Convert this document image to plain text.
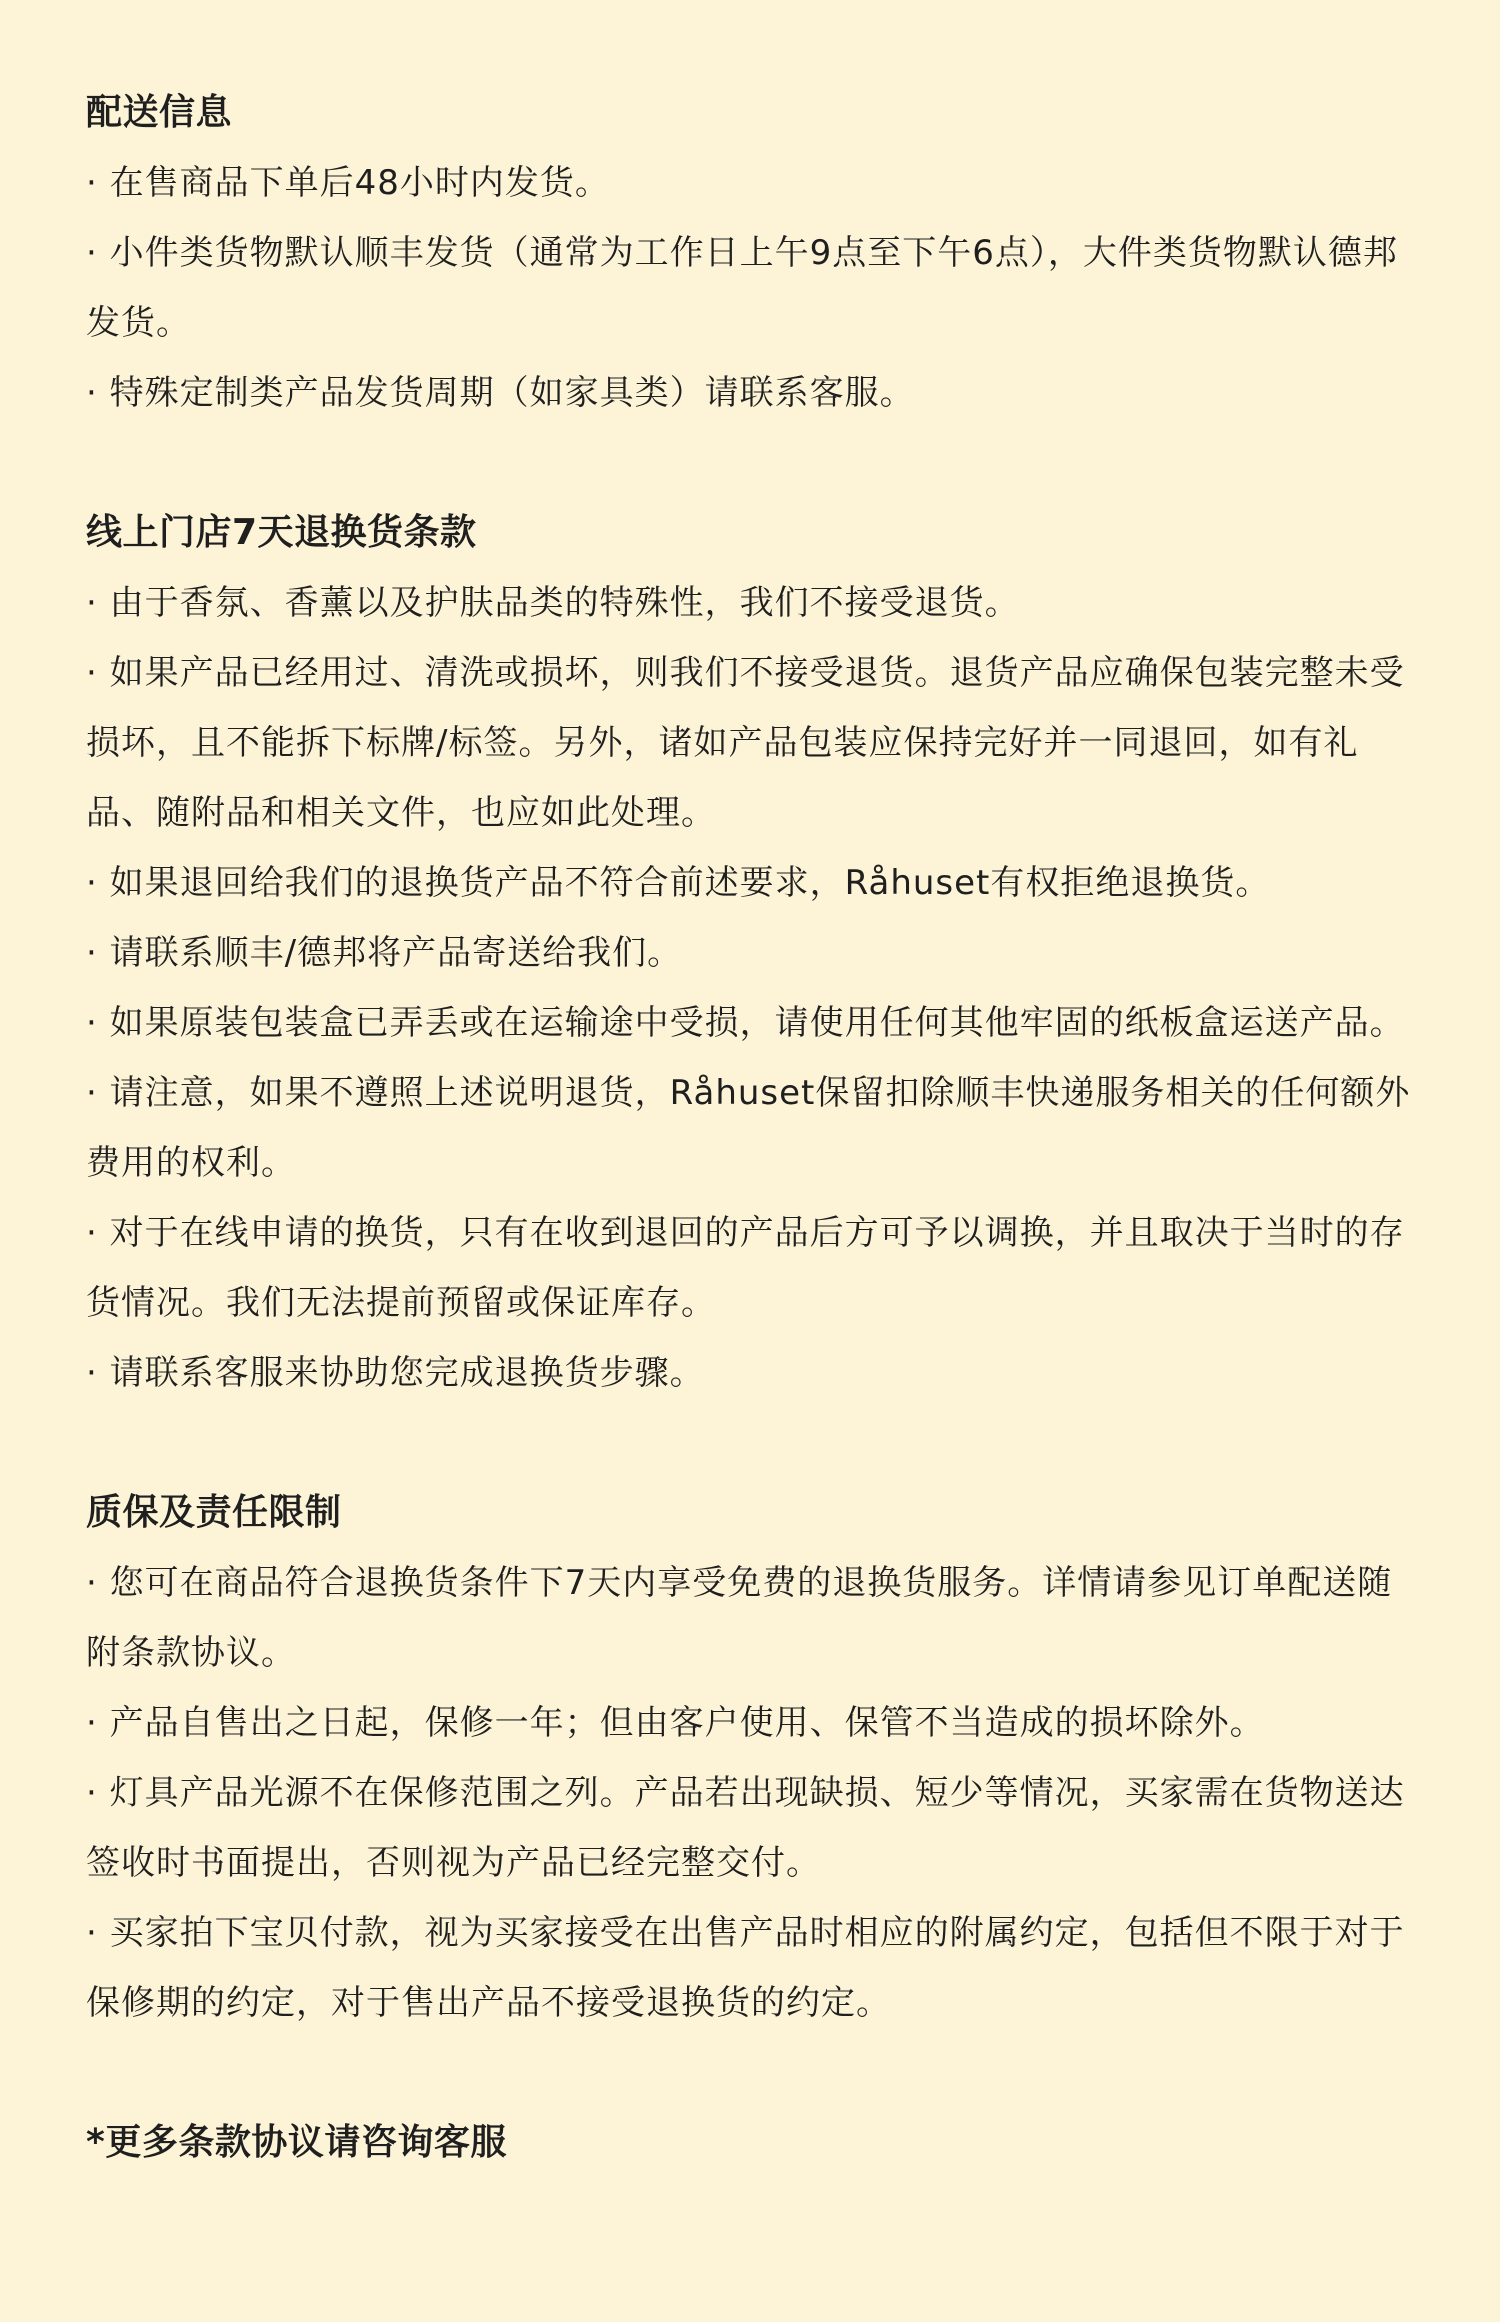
配送信息

· 在售商品下单后48小时内发货。

· 小件类货物默认顺丰发货（通常为工作日上午9点至下午6点），大件类货物默认德邦发货。

· 特殊定制类产品发货周期（如家具类）请联系客服。

线上门店7天退换货条款

· 由于香氛、香薰以及护肤品类的特殊性，我们不接受退货。

· 如果产品已经用过、清洗或损坏，则我们不接受退货。退货产品应确保包装完整未受损坏，且不能拆下标牌/标签。另外，诸如产品包装应保持完好并一同退回，如有礼品、随附品和相关文件，也应如此处理。

· 如果退回给我们的退换货产品不符合前述要求，Råhuset有权拒绝退换货。

· 请联系顺丰/德邦将产品寄送给我们。

· 如果原装包装盒已弄丢或在运输途中受损，请使用任何其他牢固的纸板盒运送产品。

· 请注意，如果不遵照上述说明退货，Råhuset保留扣除顺丰快递服务相关的任何额外费用的权利。

· 对于在线申请的换货，只有在收到退回的产品后方可予以调换，并且取决于当时的存货情况。我们无法提前预留或保证库存。

· 请联系客服来协助您完成退换货步骤。

质保及责任限制

· 您可在商品符合退换货条件下7天内享受免费的退换货服务。详情请参见订单配送随附条款协议。

· 产品自售出之日起，保修一年；但由客户使用、保管不当造成的损坏除外。

· 灯具产品光源不在保修范围之列。产品若出现缺损、短少等情况，买家需在货物送达签收时书面提出，否则视为产品已经完整交付。

· 买家拍下宝贝付款，视为买家接受在出售产品时相应的附属约定，包括但不限于对于保修期的约定，对于售出产品不接受退换货的约定。

*更多条款协议请咨询客服
